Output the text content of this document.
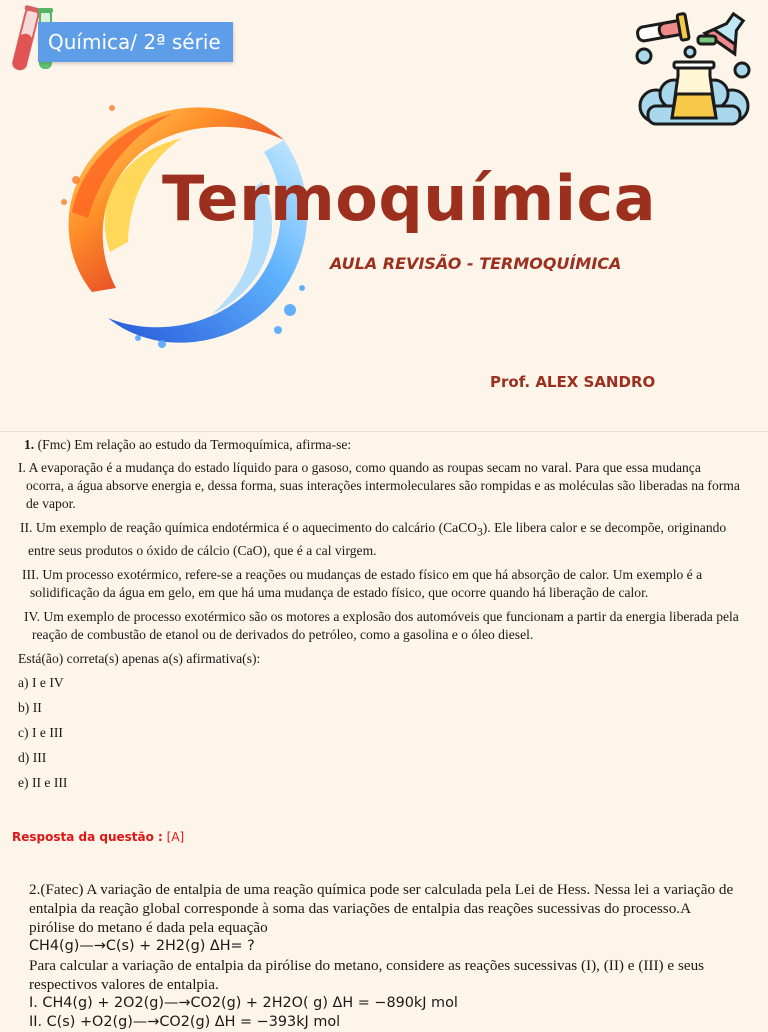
Química/ 2ª série
Termoquímica
AULA REVISÃO - TERMOQUÍMICA
Prof. ALEX SANDRO
1. (Fmc) Em relação ao estudo da Termoquímica, afirma-se:
I. A evaporação é a mudança do estado líquido para o gasoso, como quando as roupas secam no varal. Para que essa mudança ocorra, a água absorve energia e, dessa forma, suas interações intermoleculares são rompidas e as moléculas são liberadas na forma de vapor.
II. Um exemplo de reação química endotérmica é o aquecimento do calcário (CaCO$_3$). Ele libera calor e se decompõe, originando entre seus produtos o óxido de cálcio (CaO), que é a cal virgem.
III. Um processo exotérmico, refere-se a reações ou mudanças de estado físico em que há absorção de calor. Um exemplo é a solidificação da água em gelo, em que há uma mudança de estado físico, que ocorre quando há liberação de calor.
IV. Um exemplo de processo exotérmico são os motores a explosão dos automóveis que funcionam a partir da energia liberada pela reação de combustão de etanol ou de derivados do petróleo, como a gasolina e o óleo diesel.
Está(ão) correta(s) apenas a(s) afirmativa(s):
a) I e IV
b) II
c) I e III
d) III
e) II e III
Resposta da questão : [A]

2.(Fatec) A variação de entalpia de uma reação química pode ser calculada pela Lei de Hess. Nessa lei a variação de entalpia da reação global corresponde à soma das variações de entalpia das reações sucessivas do processo.A pirólise do metano é dada pela equação

CH4(g)—→C(s) + 2H2(g) ΔH= ?

Para calcular a variação de entalpia da pirólise do metano, considere as reações sucessivas (I), (II) e (III) e seus respectivos valores de entalpia.

I. CH4(g) + 2O2(g)—→CO2(g) + 2H2O( g) ΔH = −890kJ mol

II. C(s) +O2(g)—→CO2(g) ΔH = −393kJ mol
